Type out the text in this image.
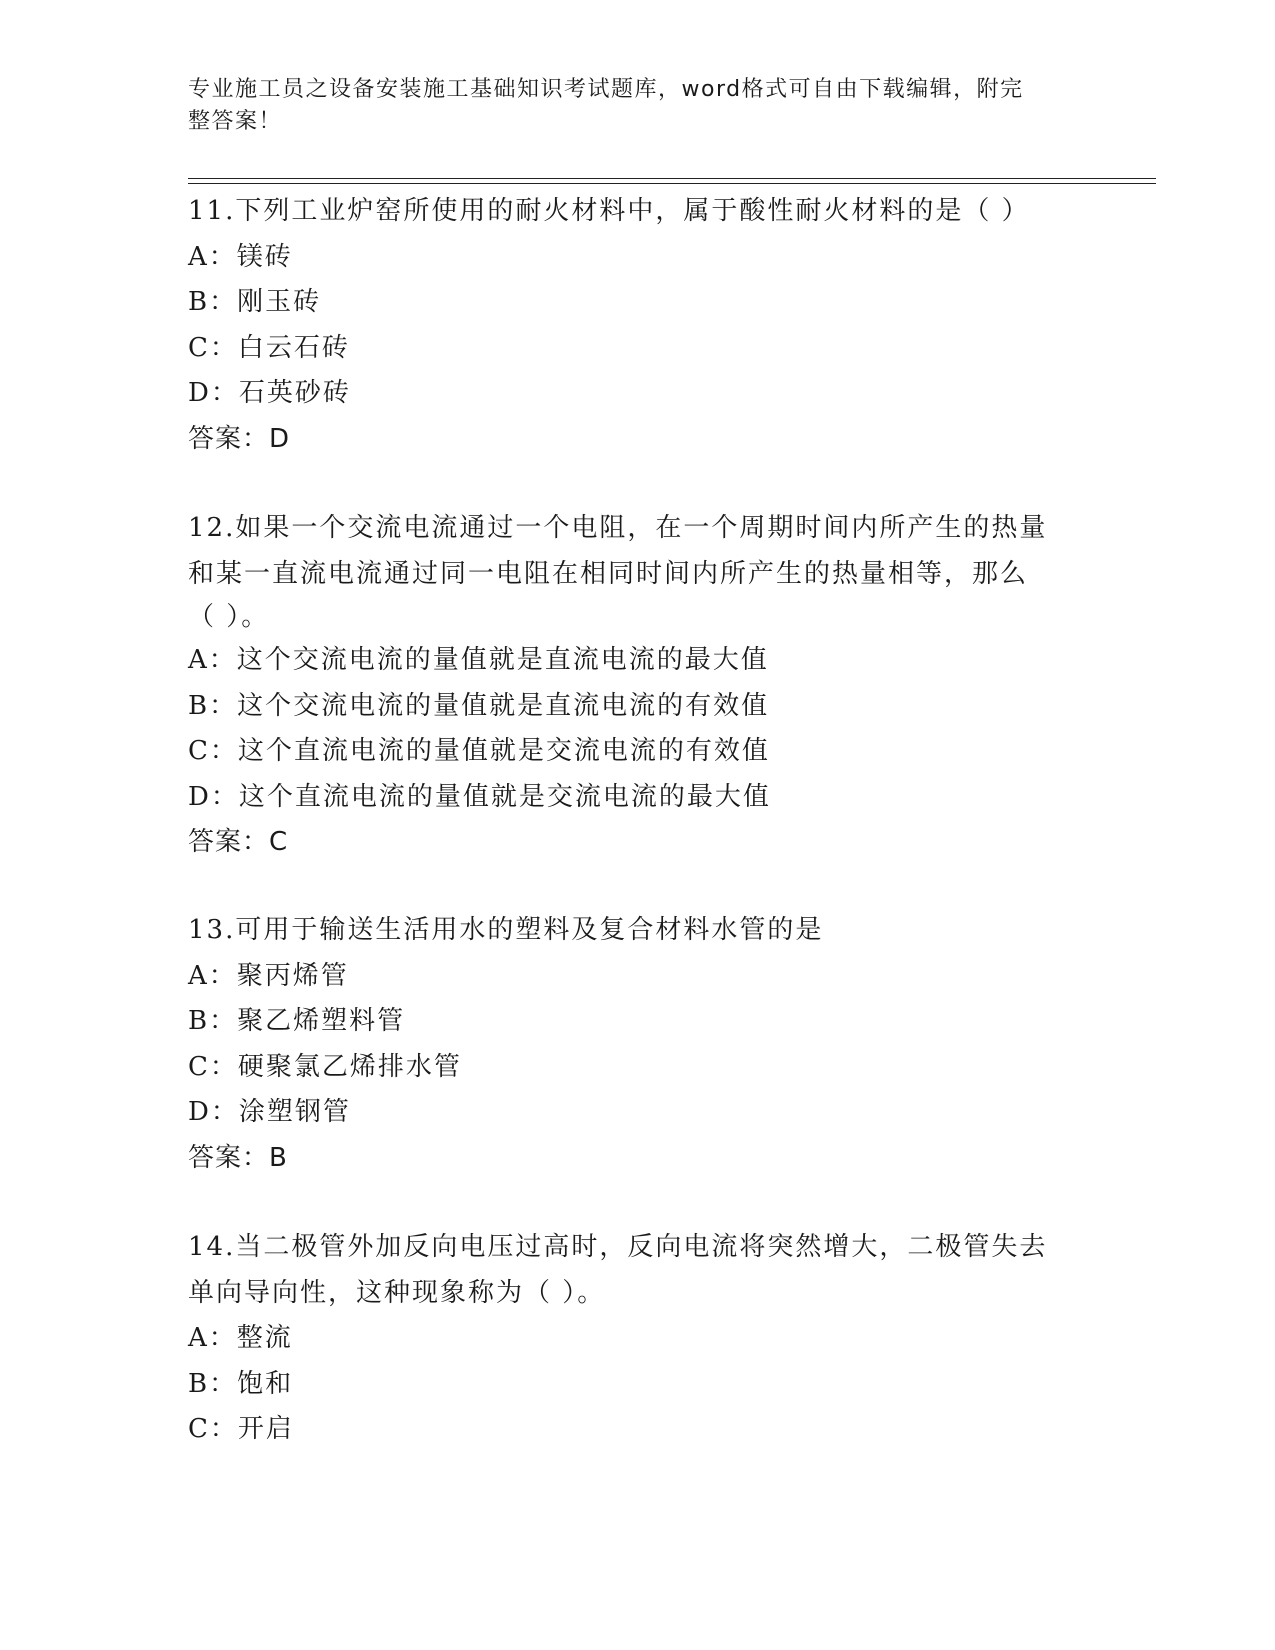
专业施工员之设备安装施工基础知识考试题库，word格式可自由下载编辑，附完
整答案！
11.下列工业炉窑所使用的耐火材料中，属于酸性耐火材料的是（ ）
A：镁砖
B：刚玉砖
C：白云石砖
D：石英砂砖
答案：D
12.如果一个交流电流通过一个电阻，在一个周期时间内所产生的热量
和某一直流电流通过同一电阻在相同时间内所产生的热量相等，那么
（ ）。
A：这个交流电流的量值就是直流电流的最大值
B：这个交流电流的量值就是直流电流的有效值
C：这个直流电流的量值就是交流电流的有效值
D：这个直流电流的量值就是交流电流的最大值
答案：C
13.可用于输送生活用水的塑料及复合材料水管的是
A：聚丙烯管
B：聚乙烯塑料管
C：硬聚氯乙烯排水管
D：涂塑钢管
答案：B
14.当二极管外加反向电压过高时，反向电流将突然增大，二极管失去
单向导向性，这种现象称为（ ）。
A：整流
B：饱和
C：开启
